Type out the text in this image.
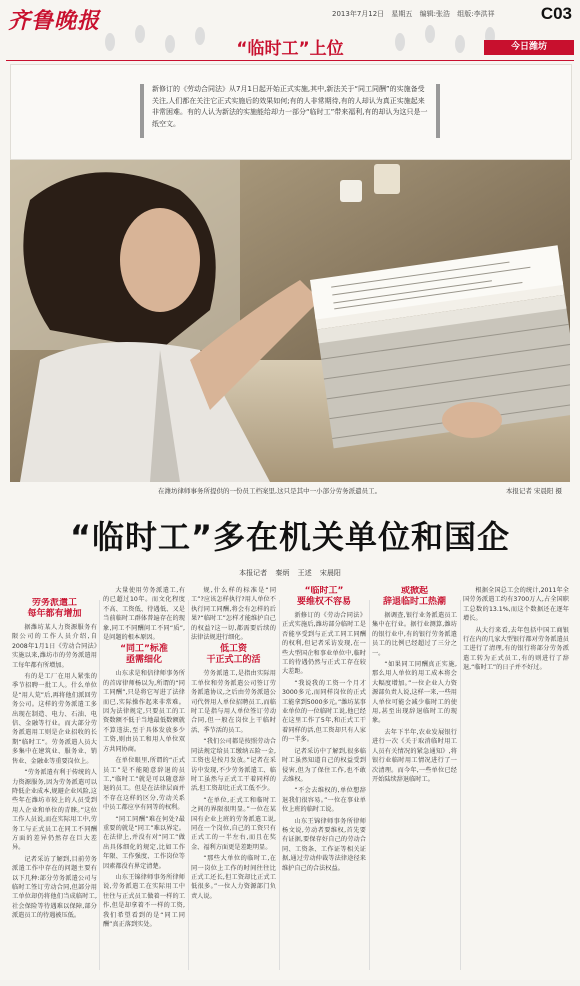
齐鲁晚报	2013年7月12日 星期五 编辑:张浩 组版:李洪祥	C03
“临时工”上位	今日潍坊
新修订的《劳动合同法》从7月1日起开始正式实施,其中,新法关于“同工同酬”的实施备受关注,人们都在关注它正式实施后的效果如何;有的人非常期待,有的人却认为真正实施起来非常困难。有的人认为新法的实施能给却力一部分“临时工”带来福利,有的却认为这只是一纸空文。
在潍坊律师事务所提供的一份员工档案里,这只是其中一小部分劳务派遣员工。	本报记者 宋晨阳 摄
“临时工”多在机关单位和国企
本报记者 秦炳 王述 宋晨阳
劳务派遣工
每年都有增加

据潍坊某人力资源服务有限公司的工作人员介绍,自2008年1月1日《劳动合同法》实施以来,潍坊市的劳务派遣用工每年都有所增加。

有的是工厂在用人紧张的季节招聘一批工人。什么单位是“用人荒”后,再将他们派回劳务公司。这样的劳务派遣工多出现在制造、电力、石油、电信、金融等行业。而大部分劳务派遣用工则是企业招收的长期“临时工”。劳务派遣人员大多集中在建筑业、服务业、销售业、金融业等重要岗位上。

“劳务派遣有利于传统的人力资源服务,因为劳务派遣可以降低企业成本,规避企业风险,这些年在潍坊市较上的人员受到用人企业和单位的青睐。”这位工作人员说,而在实际用工中,劳务工与正式员工在同工不同酬方面的差异仍然存在巨大差异。

记者采访了解到,目前劳务派遣工作中存在的问题主要有以下几种:部分劳务派遣公司与临时工签订劳动合同,但部分用工单位却仍将他们当成临时工,社会保险等待遇难以保障,部分派遣员工的待遇被压低。

大量使用劳务派遣工,有的已超过10年。而文化程度不高、工资低、待遇低、又是当前临时工群体普遍存在的现象,同工不同酬问工不同“质”,是问题的根本原因。

“同工”标准
亟需细化

山东求是和信律师事务所的首席律师杨以为,所谓的“同工同酬”,只是将它写进了法律而已,实际操作起来非常难。因为法律规定,只要员工的工资数额不低于当地最低数额就不算违法,至于具体发放多少工资,则由员工和用人单位双方共同协商。

在单位眼里,所谓的“正式员工”是不能随意辞退的员工,“临时工”就是可以随意辞退的员工。但是在法律层面并不存在这样的区分,劳动关系中员工都应享有同等的权利。

“同工同酬”难在何处?最重要的就是“同工”难以界定。在法律上,并没有对“同工”做出具体细化的规定,比如工作年限、工作强度、工作岗位等因素都没有界定清楚。

山东王锦律师事务所律师说,劳务派遣工在实际用工中往往与正式员工做着一样的工作,但是却拿着不一样的工资,我们希望看到的是“同工同酬”真正落到实处。

规,什么样的标准是“同工”?应该怎样执行?用人单位不执行同工同酬,将会有怎样的后果?“临时工”怎样才能维护自己的权益?这一切,都需要后续的法律法规进行细化。

低工资
干正式工的活

劳务派遣工,是指由实际用工单位和劳务派遣公司签订劳务派遣协议,之后由劳务派遣公司代替用人单位招聘员工,而临时工是指与用人单位签订劳动合同,但一般在岗位上干临时活、季节活的员工。

“我们公司都是按照劳动合同法规定给员工缴纳五险一金,工资也是按月发放。”记者在采访中发现,不少劳务派遣工、临时工虽然与正式工干着同样的活,但工资却比正式工低不少。

“在单位,正式工和临时工之间的界限很明显。”一位在某国有企业上班的劳务派遣工说,同在一个岗位,自己的工资只有正式工的一半左右,而且在奖金、福利方面更是差距明显。

“那些大单位的临时工,在同一岗位上工作的时间往往比正式工还长,但工资却比正式工低很多。”一位人力资源部门负责人说。

“临时工”
要维权不容易

新修订的《劳动合同法》正式实施后,潍坊部分临时工是否能享受到与正式工同工同酬的权利,但记者采访发现,在一些大型国企和事业单位中,临时工的待遇仍然与正式工存在较大差距。

“我说我的工资一个月才3000多元,而同样岗位的正式工能拿到5000多元。”潍坊某事业单位的一位临时工说,他已经在这里工作了5年,和正式工干着同样的活,但工资却只有人家的一半多。

记者采访中了解到,很多临时工虽然知道自己的权益受到侵害,但为了保住工作,也不敢去维权。

“不会去维权的,单位想辞退我们很容易。”一位在事业单位上班的临时工说。

山东王锦律师事务所律师杨文说,劳动者要维权,首先要有证据,要保存好自己的劳动合同、工资条、工作证等相关证据,通过劳动仲裁等法律途径来维护自己的合法权益。

或掀起
辞退临时工热潮

据调查,银行业务派遣员工集中在行业。据行业测算,潍坊的银行业中,有的银行劳务派遣员工的比例已经超过了三分之一。

“如果同工同酬真正实施,那么用人单位的用工成本将会大幅度增加。”一位企业人力资源部负责人说,这样一来,一些用人单位可能会减少临时工的使用,甚至出现辞退临时工的现象。

去年下半年,农业发展银行进行一次《关于取消临时用工人员有关情况的紧急通知》,将银行业临时用工情况进行了一次清理。而今年,一些单位已经开始陆续辞退临时工。

根据全国总工会的统计,2011年全国劳务派遣工约有3700万人,占全国职工总数的13.1%,而这个数据还在逐年增长。

从大行来看,去年包括中国工商银行在内的几家大型银行都对劳务派遣员工进行了清理,有的银行将部分劳务派遣工转为正式员工,有的则进行了辞退,“临时工”的日子并不好过。
